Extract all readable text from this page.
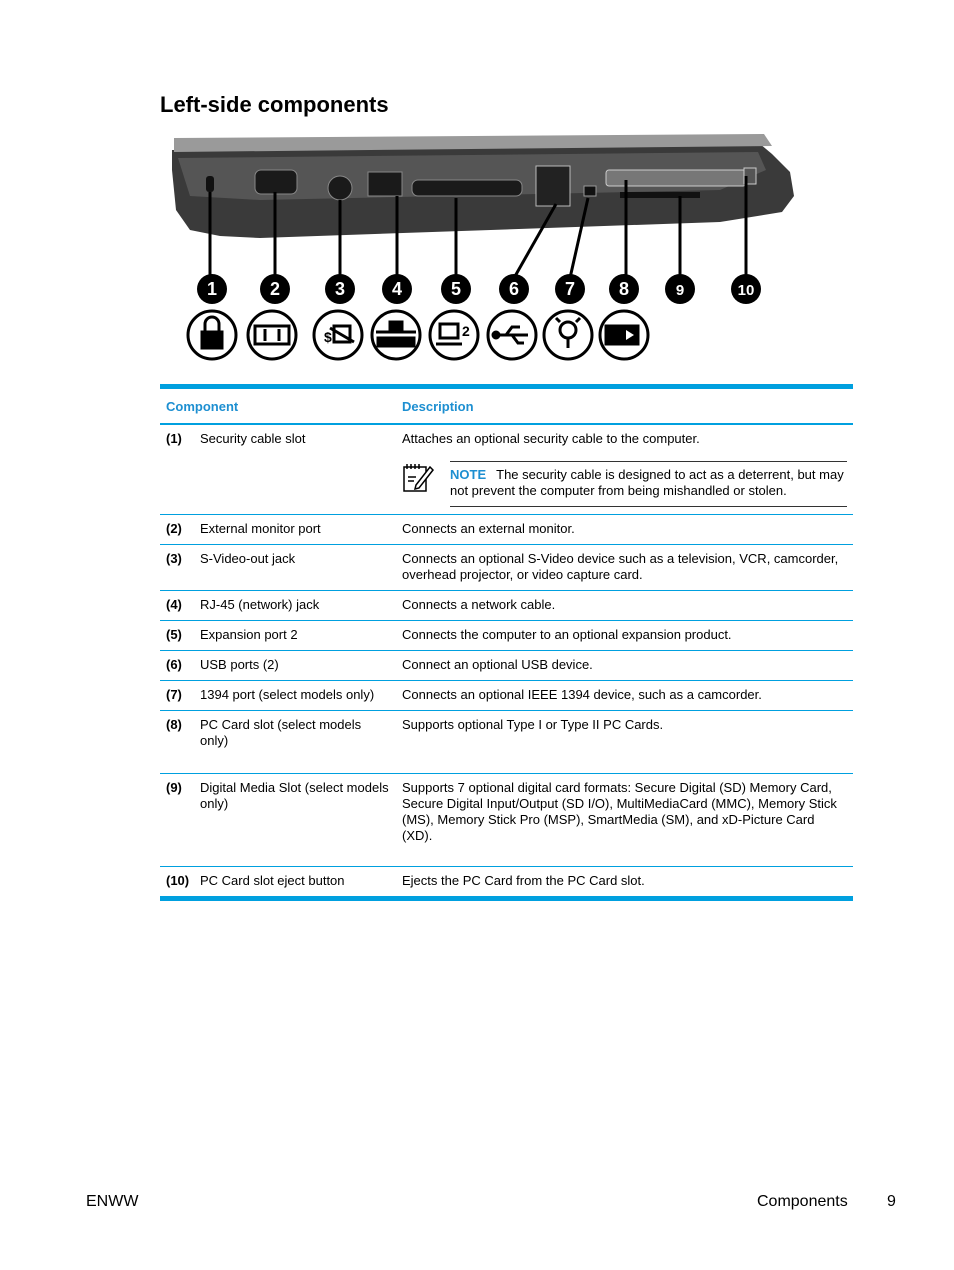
Left-side components
1	2	3	4	5	6	7 8	9	10
$	2
Component		Description
(1)	Security cable slot	Attaches an optional security cable to the computer.
NOTE The security cable is designed to act as a deterrent, but may not prevent the computer from being mishandled or stolen.

(2)	External monitor port	Connects an external monitor.
(3)	S-Video-out jack	Connects an optional S-Video device such as a television, VCR, camcorder, overhead projector, or video capture card.
(4)	RJ-45 (network) jack	Connects a network cable.
(5)	Expansion port 2	Connects the computer to an optional expansion product.
(6)	USB ports (2)	Connect an optional USB device.
(7)	1394 port (select models only)	Connects an optional IEEE 1394 device, such as a camcorder.
(8)	PC Card slot (select models only)	Supports optional Type I or Type II PC Cards.
(9)	Digital Media Slot (select models only)	Supports 7 optional digital card formats: Secure Digital (SD) Memory Card, Secure Digital Input/Output (SD I/O), MultiMediaCard (MMC), Memory Stick (MS), Memory Stick Pro (MSP), SmartMedia (SM), and xD-Picture Card (XD).
(10)	PC Card slot eject button	Ejects the PC Card from the PC Card slot.
ENWW	Components 9
